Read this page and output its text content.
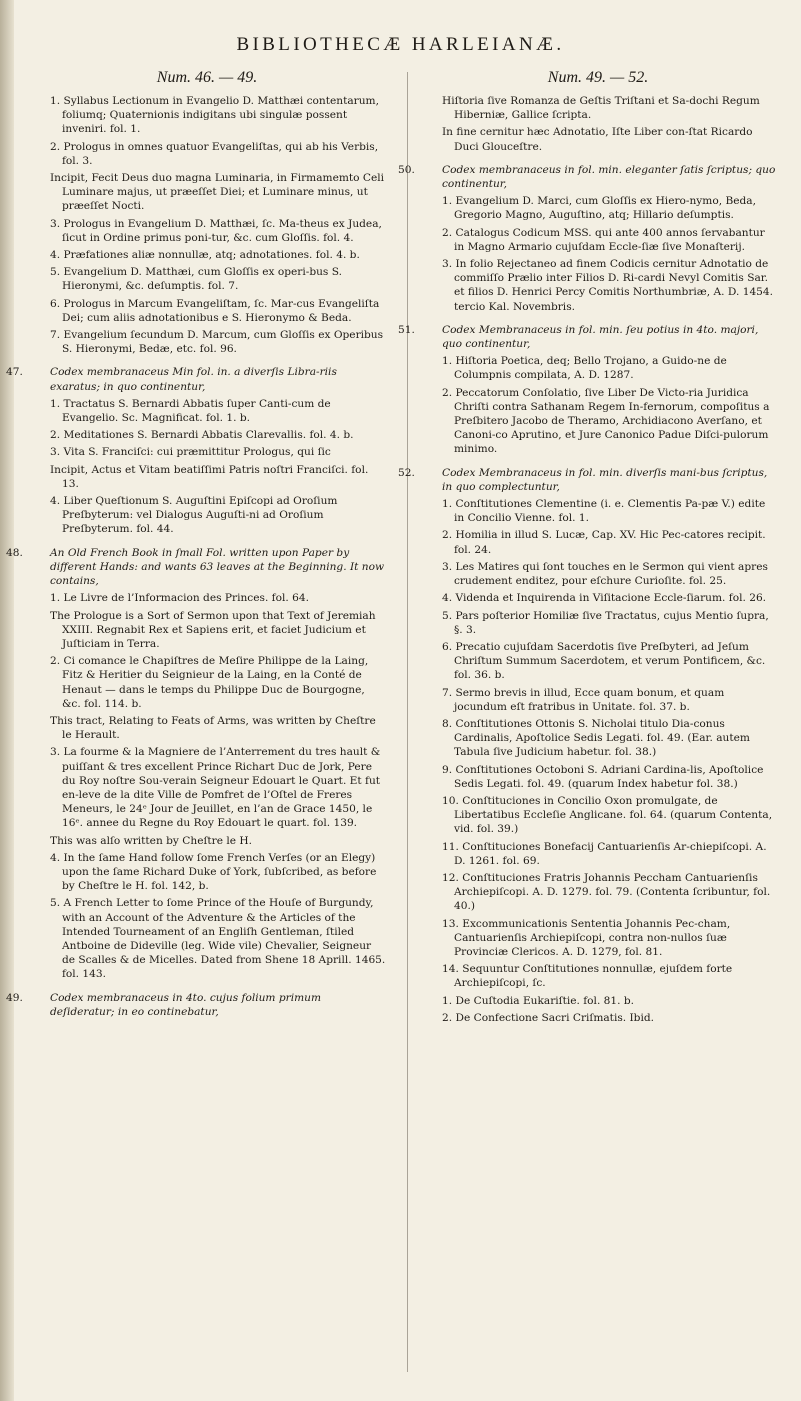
BIBLIOTHECÆ HARLEIANÆ.
Num. 46. — 49.
1. Syllabus Lectionum in Evangelio D. Matthæi contentarum, foliumq; Quaternionis indigitans ubi singulæ possent inveniri. fol. 1.
2. Prologus in omnes quatuor Evangeliſtas, qui ab his Verbis, fol. 3.
Incipit, Fecit Deus duo magna Luminaria, in Firmamemto Celi Luminare majus, ut præeſſet Diei; et Luminare minus, ut præeſſet Nocti.
3. Prologus in Evangelium D. Matthæi, ſc. Ma-theus ex Judea, ſicut in Ordine primus poni-tur, &c. cum Gloſſis. fol. 4.
4. Præfationes aliæ nonnullæ, atq; adnotationes. fol. 4. b.
5. Evangelium D. Matthæi, cum Gloſſis ex operi-bus S. Hieronymi, &c. deſumptis. fol. 7.
6. Prologus in Marcum Evangeliſtam, ſc. Mar-cus Evangeliſta Dei; cum aliis adnotationibus e S. Hieronymo & Beda.
7. Evangelium ſecundum D. Marcum, cum Gloſſis ex Operibus S. Hieronymi, Bedæ, etc. fol. 96.

47.	Codex membranaceus Min fol. in. a diverſis Libra-riis exaratus; in quo continentur,

1. Tractatus S. Bernardi Abbatis ſuper Canti-cum de Evangelio. Sc. Magnificat. fol. 1. b.
2. Meditationes S. Bernardi Abbatis Clarevallis. fol. 4. b.
3. Vita S. Franciſci: cui præmittitur Prologus, qui ſic
Incipit, Actus et Vitam beatiſſimi Patris noſtri Franciſci. fol. 13.
4. Liber Queſtionum S. Auguſtini Epiſcopi ad Oroſium Preſbyterum: vel Dialogus Auguſti-ni ad Oroſium Preſbyterum. fol. 44.

48.	An Old French Book in ſmall Fol. written upon Paper by different Hands: and wants 63 leaves at the Beginning. It now contains,

1. Le Livre de l’Informacion des Princes. fol. 64.
The Prologue is a Sort of Sermon upon that Text of Jeremiah XXIII. Regnabit Rex et Sapiens erit, et faciet Judicium et Juſticiam in Terra.
2. Ci comance le Chapiſtres de Meſire Philippe de la Laing, Fitz & Heritier du Seignieur de la Laing, en la Conté de Henaut — dans le temps du Philippe Duc de Bourgogne, &c. fol. 114. b.
This tract, Relating to Feats of Arms, was written by Cheſtre le Herault.
3. La fourme & la Magniere de l’Anterrement du tres hault & puiſſant & tres excellent Prince Richart Duc de Jork, Pere du Roy noſtre Sou-verain Seigneur Edouart le Quart. Et fut en-leve de la dite Ville de Pomfret de l’Oſtel de Freres Meneurs, le 24ᵉ Jour de Jeuillet, en l’an de Grace 1450, le 16ᵉ. annee du Regne du Roy Edouart le quart. fol. 139.
This was alſo written by Cheſtre le H.
4. In the ſame Hand follow ſome French Verſes (or an Elegy) upon the ſame Richard Duke of York, ſubſcribed, as before by Cheſtre le H. fol. 142, b.
5. A French Letter to ſome Prince of the Houſe of Burgundy, with an Account of the Adventure & the Articles of the Intended Tourneament of an Engliſh Gentleman, ſtiled Antboine de Dideville (leg. Wide vile) Chevalier, Seigneur de Scalles & de Micelles. Dated from Shene 18 Aprill. 1465. fol. 143.

49.	Codex membranaceus in 4to. cujus folium primum deſideratur; in eo continebatur,

Num. 49. — 52.
Hiſtoria ſive Romanza de Geſtis Triſtani et Sa-dochi Regum Hiberniæ, Gallice ſcripta.
In fine cernitur hæc Adnotatio, Iſte Liber con-ſtat Ricardo Duci Glouceſtre.

50.	Codex membranaceus in fol. min. eleganter ſatis ſcriptus; quo continentur,

1. Evangelium D. Marci, cum Gloſſis ex Hiero-nymo, Beda, Gregorio Magno, Auguſtino, atq; Hillario deſumptis.
2. Catalogus Codicum MSS. qui ante 400 annos ſervabantur in Magno Armario cujuſdam Eccle-ſiæ ſive Monaſterij.
3. In folio Rejectaneo ad finem Codicis cernitur Adnotatio de commiſſo Prælio inter Filios D. Ri-cardi Nevyl Comitis Sar. et filios D. Henrici Percy Comitis Northumbriæ, A. D. 1454. tercio Kal. Novembris.

51.	Codex Membranaceus in fol. min. ſeu potius in 4to. majori, quo continentur,

1. Hiſtoria Poetica, deq; Bello Trojano, a Guido-ne de Columpnis compilata, A. D. 1287.
2. Peccatorum Conſolatio, ſive Liber De Victo-ria Juridica Chriſti contra Sathanam Regem In-fernorum, compoſitus a Preſbitero Jacobo de Theramo, Archidiacono Averſano, et Canoni-co Aprutino, et Jure Canonico Padue Diſci-pulorum minimo.

52.	Codex Membranaceus in fol. min. diverſis mani-bus ſcriptus, in quo complectuntur,

1. Conſtitutiones Clementine (i. e. Clementis Pa-pæ V.) edite in Concilio Vienne. fol. 1.
2. Homilia in illud S. Lucæ, Cap. XV. Hic Pec-catores recipit. fol. 24.
3. Les Matires qui ſont touches en le Sermon qui vient apres crudement enditez, pour eſchure Curioſite. fol. 25.
4. Videnda et Inquirenda in Viſitacione Eccle-ſiarum. fol. 26.
5. Pars poſterior Homiliæ ſive Tractatus, cujus Mentio ſupra, §. 3.
6. Precatio cujuſdam Sacerdotis ſive Preſbyteri, ad Jeſum Chriſtum Summum Sacerdotem, et verum Pontificem, &c. fol. 36. b.
7. Sermo brevis in illud, Ecce quam bonum, et quam jocundum eſt fratribus in Unitate. fol. 37. b.
8. Conſtitutiones Ottonis S. Nicholai titulo Dia-conus Cardinalis, Apoſtolice Sedis Legati. fol. 49. (Ear. autem Tabula ſive Judicium habetur. fol. 38.)
9. Conſtitutiones Octoboni S. Adriani Cardina-lis, Apoſtolice Sedis Legati. fol. 49. (quarum Index habetur fol. 38.)
10. Conſtituciones in Concilio Oxon promulgate, de Libertatibus Eccleſie Anglicane. fol. 64. (quarum Contenta, vid. fol. 39.)
11. Conſtituciones Bonefacij Cantuarienſis Ar-chiepiſcopi. A. D. 1261. fol. 69.
12. Conſtituciones Fratris Johannis Peccham Cantuarienſis Archiepiſcopi. A. D. 1279. fol. 79. (Contenta ſcribuntur, fol. 40.)
13. Excommunicationis Sententia Johannis Pec-cham, Cantuarienſis Archiepiſcopi, contra non-nullos ſuæ Provinciæ Clericos. A. D. 1279, fol. 81.
14. Sequuntur Conſtitutiones nonnullæ, ejuſdem forte Archiepiſcopi, ſc.
1. De Cuſtodia Eukariſtie. fol. 81. b.
2. De Confectione Sacri Criſmatis. Ibid.
